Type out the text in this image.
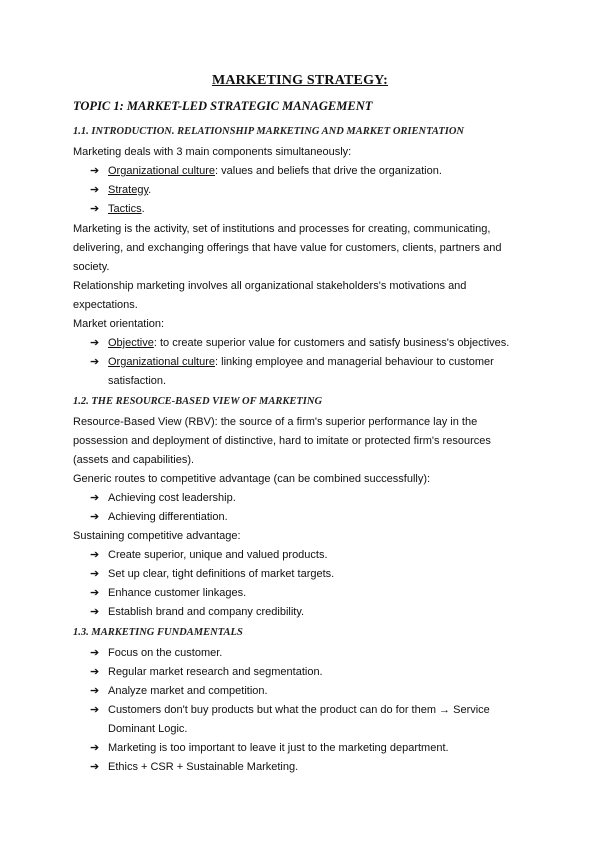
MARKETING STRATEGY:
TOPIC 1: MARKET-LED STRATEGIC MANAGEMENT
1.1. INTRODUCTION. RELATIONSHIP MARKETING AND MARKET ORIENTATION
Marketing deals with 3 main components simultaneously:
➔ Organizational culture: values and beliefs that drive the organization.
➔ Strategy.
➔ Tactics.
Marketing is the activity, set of institutions and processes for creating, communicating, delivering, and exchanging offerings that have value for customers, clients, partners and society.
Relationship marketing involves all organizational stakeholders's motivations and expectations.
Market orientation:
➔ Objective: to create superior value for customers and satisfy business's objectives.
➔ Organizational culture: linking employee and managerial behaviour to customer satisfaction.
1.2. THE RESOURCE-BASED VIEW OF MARKETING
Resource-Based View (RBV): the source of a firm's superior performance lay in the possession and deployment of distinctive, hard to imitate or protected firm's resources (assets and capabilities).
Generic routes to competitive advantage (can be combined successfully):
➔ Achieving cost leadership.
➔ Achieving differentiation.
Sustaining competitive advantage:
➔ Create superior, unique and valued products.
➔ Set up clear, tight definitions of market targets.
➔ Enhance customer linkages.
➔ Establish brand and company credibility.
1.3. MARKETING FUNDAMENTALS
➔ Focus on the customer.
➔ Regular market research and segmentation.
➔ Analyze market and competition.
➔ Customers don't buy products but what the product can do for them → Service Dominant Logic.
➔ Marketing is too important to leave it just to the marketing department.
➔ Ethics + CSR + Sustainable Marketing.
